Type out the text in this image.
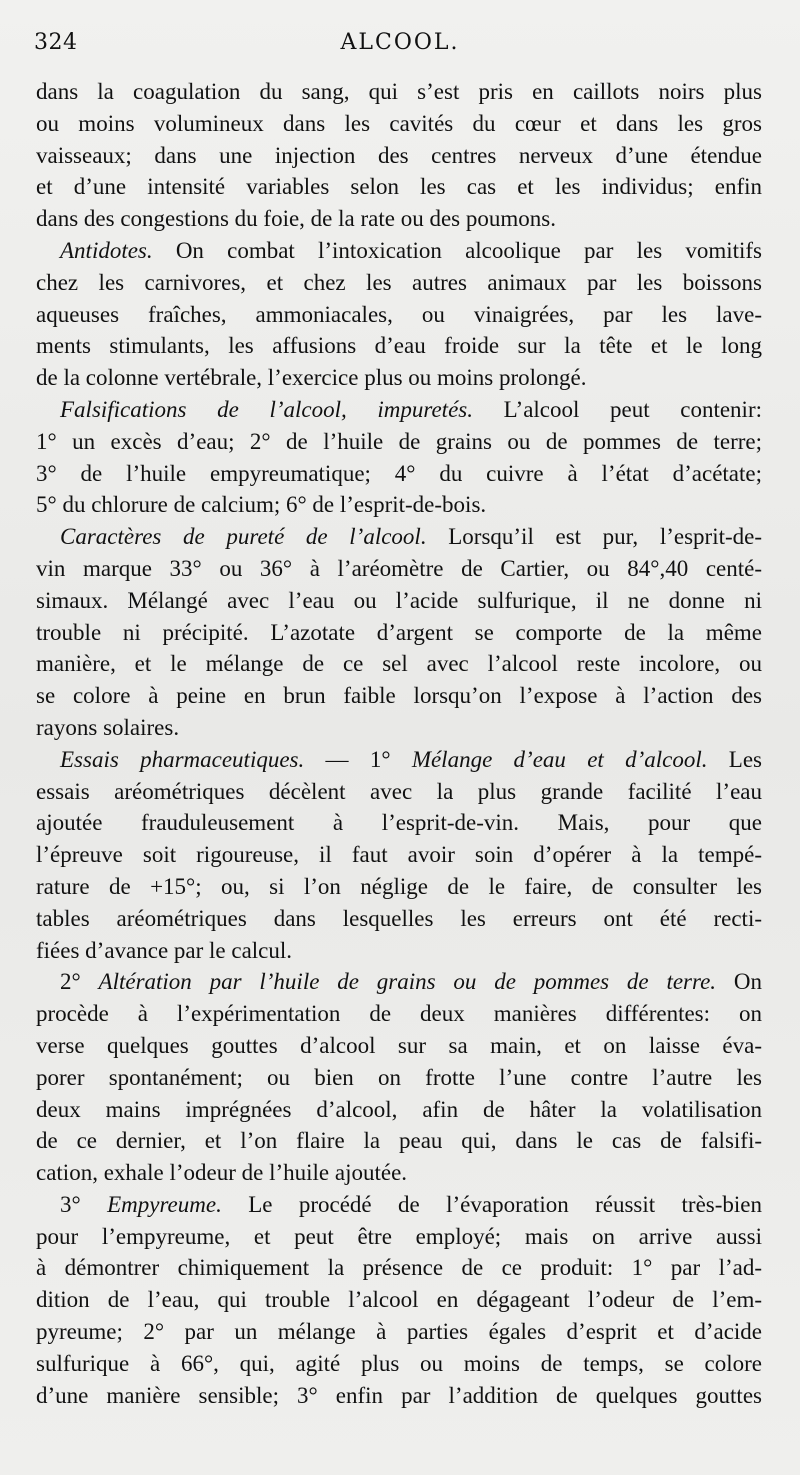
324	ALCOOL.

dans la coagulation du sang, qui s’est pris en caillots noirs plus
ou moins volumineux dans les cavités du cœur et dans les gros
vaisseaux; dans une injection des centres nerveux d’une étendue
et d’une intensité variables selon les cas et les individus; enfin
dans des congestions du foie, de la rate ou des poumons.

Antidotes. On combat l’intoxication alcoolique par les vomitifs
chez les carnivores, et chez les autres animaux par les boissons
aqueuses fraîches, ammoniacales, ou vinaigrées, par les lave-
ments stimulants, les affusions d’eau froide sur la tête et le long
de la colonne vertébrale, l’exercice plus ou moins prolongé.

Falsifications de l’alcool, impuretés. L’alcool peut contenir:
1° un excès d’eau; 2° de l’huile de grains ou de pommes de terre;
3° de l’huile empyreumatique; 4° du cuivre à l’état d’acétate;
5° du chlorure de calcium; 6° de l’esprit-de-bois.

Caractères de pureté de l’alcool. Lorsqu’il est pur, l’esprit-de-
vin marque 33° ou 36° à l’aréomètre de Cartier, ou 84°,40 centé-
simaux. Mélangé avec l’eau ou l’acide sulfurique, il ne donne ni
trouble ni précipité. L’azotate d’argent se comporte de la même
manière, et le mélange de ce sel avec l’alcool reste incolore, ou
se colore à peine en brun faible lorsqu’on l’expose à l’action des
rayons solaires.

Essais pharmaceutiques. — 1° Mélange d’eau et d’alcool. Les
essais aréométriques décèlent avec la plus grande facilité l’eau
ajoutée frauduleusement à l’esprit-de-vin. Mais, pour que
l’épreuve soit rigoureuse, il faut avoir soin d’opérer à la tempé-
rature de +15°; ou, si l’on néglige de le faire, de consulter les
tables aréométriques dans lesquelles les erreurs ont été recti-
fiées d’avance par le calcul.

2° Altération par l’huile de grains ou de pommes de terre. On
procède à l’expérimentation de deux manières différentes: on
verse quelques gouttes d’alcool sur sa main, et on laisse éva-
porer spontanément; ou bien on frotte l’une contre l’autre les
deux mains imprégnées d’alcool, afin de hâter la volatilisation
de ce dernier, et l’on flaire la peau qui, dans le cas de falsifi-
cation, exhale l’odeur de l’huile ajoutée.

3° Empyreume. Le procédé de l’évaporation réussit très-bien
pour l’empyreume, et peut être employé; mais on arrive aussi
à démontrer chimiquement la présence de ce produit: 1° par l’ad-
dition de l’eau, qui trouble l’alcool en dégageant l’odeur de l’em-
pyreume; 2° par un mélange à parties égales d’esprit et d’acide
sulfurique à 66°, qui, agité plus ou moins de temps, se colore
d’une manière sensible; 3° enfin par l’addition de quelques gouttes
